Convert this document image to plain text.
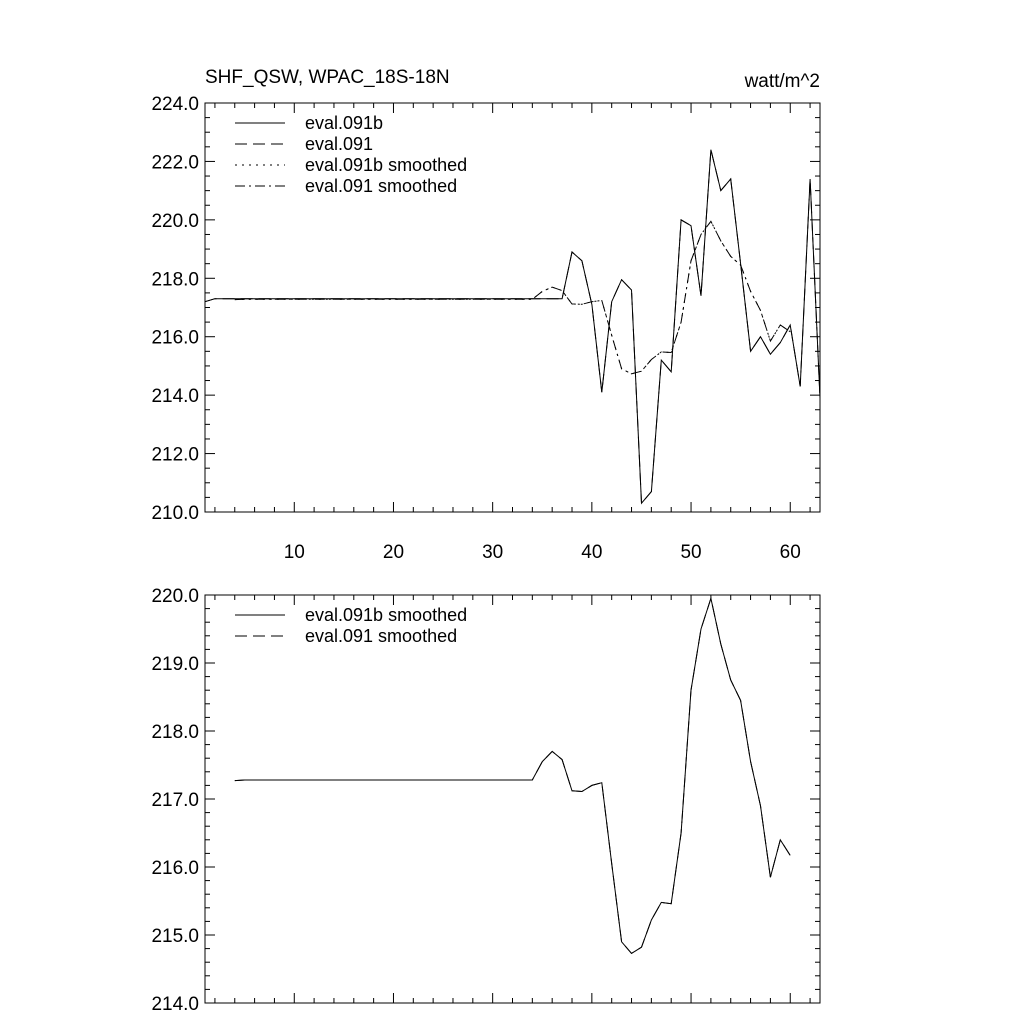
210.0
212.0
214.0
216.0
218.0
220.0
222.0
224.0
10	20	30	40	50	60
SHF_QSW, WPAC_18S-18N	watt/m^2
eval.091b
eval.091
eval.091b smoothed
eval.091 smoothed
214.0
215.0
216.0
217.0
218.0
219.0
220.0
eval.091b smoothed
eval.091 smoothed
